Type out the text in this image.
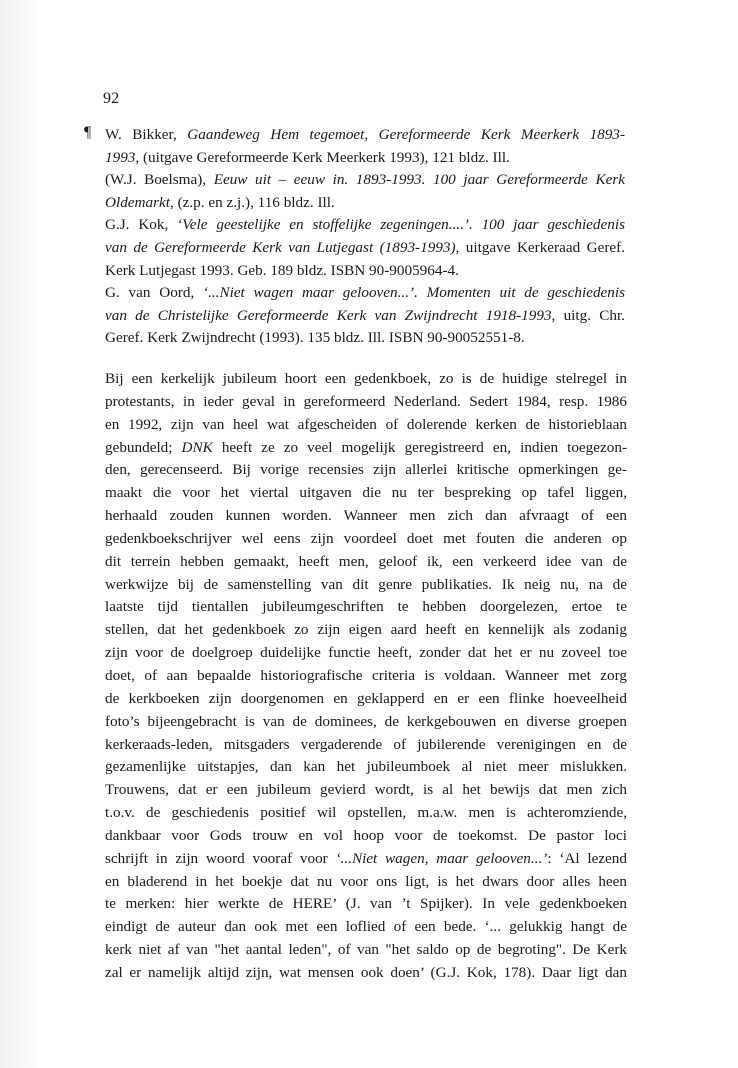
92
¶ W. Bikker, Gaandeweg Hem tegemoet, Gereformeerde Kerk Meerkerk 1893-
1993, (uitgave Gereformeerde Kerk Meerkerk 1993), 121 bldz. Ill.
(W.J. Boelsma), Eeuw uit – eeuw in. 1893-1993. 100 jaar Gereformeerde Kerk
Oldemarkt, (z.p. en z.j.), 116 bldz. Ill.
G.J. Kok, ‘Vele geestelijke en stoffelijke zegeningen....’. 100 jaar geschiedenis
van de Gereformeerde Kerk van Lutjegast (1893-1993), uitgave Kerkeraad Geref.
Kerk Lutjegast 1993. Geb. 189 bldz. ISBN 90-9005964-4.
G. van Oord, ‘...Niet wagen maar gelooven...’. Momenten uit de geschiedenis
van de Christelijke Gereformeerde Kerk van Zwijndrecht 1918-1993, uitg. Chr.
Geref. Kerk Zwijndrecht (1993). 135 bldz. Ill. ISBN 90-90052551-8.
Bij een kerkelijk jubileum hoort een gedenkboek, zo is de huidige stelregel in
protestants, in ieder geval in gereformeerd Nederland. Sedert 1984, resp. 1986
en 1992, zijn van heel wat afgescheiden of dolerende kerken de historieblaan
gebundeld; DNK heeft ze zo veel mogelijk geregistreerd en, indien toegezon-
den, gerecenseerd. Bij vorige recensies zijn allerlei kritische opmerkingen ge-
maakt die voor het viertal uitgaven die nu ter bespreking op tafel liggen,
herhaald zouden kunnen worden. Wanneer men zich dan afvraagt of een
gedenkboekschrijver wel eens zijn voordeel doet met fouten die anderen op
dit terrein hebben gemaakt, heeft men, geloof ik, een verkeerd idee van de
werkwijze bij de samenstelling van dit genre publikaties. Ik neig nu, na de
laatste tijd tientallen jubileumgeschriften te hebben doorgelezen, ertoe te
stellen, dat het gedenkboek zo zijn eigen aard heeft en kennelijk als zodanig
zijn voor de doelgroep duidelijke functie heeft, zonder dat het er nu zoveel toe
doet, of aan bepaalde historiografische criteria is voldaan. Wanneer met zorg
de kerkboeken zijn doorgenomen en geklapperd en er een flinke hoeveelheid
foto’s bijeengebracht is van de dominees, de kerkgebouwen en diverse groepen
kerkeraads-leden, mitsgaders vergaderende of jubilerende verenigingen en de
gezamenlijke uitstapjes, dan kan het jubileumboek al niet meer mislukken.
Trouwens, dat er een jubileum gevierd wordt, is al het bewijs dat men zich
t.o.v. de geschiedenis positief wil opstellen, m.a.w. men is achteromziende,
dankbaar voor Gods trouw en vol hoop voor de toekomst. De pastor loci
schrijft in zijn woord vooraf voor ‘...Niet wagen, maar gelooven...’: ‘Al lezend
en bladerend in het boekje dat nu voor ons ligt, is het dwars door alles heen
te merken: hier werkte de HERE’ (J. van ’t Spijker). In vele gedenkboeken
eindigt de auteur dan ook met een loflied of een bede. ‘... gelukkig hangt de
kerk niet af van "het aantal leden", of van "het saldo op de begroting". De Kerk
zal er namelijk altijd zijn, wat mensen ook doen’ (G.J. Kok, 178). Daar ligt dan
